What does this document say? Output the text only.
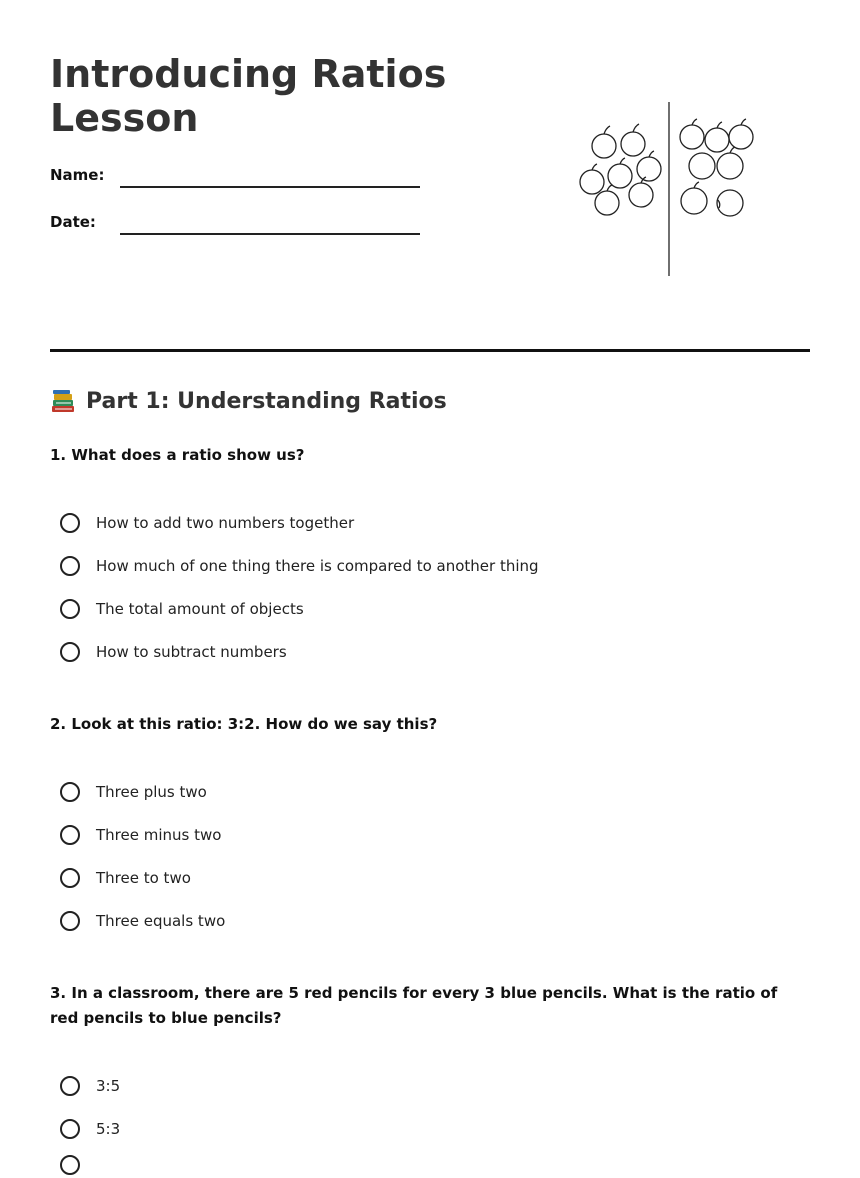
Introducing Ratios Lesson
Name:
Date:
Part 1: Understanding Ratios

1. What does a ratio show us?

How to add two numbers together
How much of one thing there is compared to another thing
The total amount of objects
How to subtract numbers

2. Look at this ratio: 3:2. How do we say this?

Three plus two
Three minus two
Three to two
Three equals two

3. In a classroom, there are 5 red pencils for every 3 blue pencils. What is the ratio of red pencils to blue pencils?

3:5
5:3
